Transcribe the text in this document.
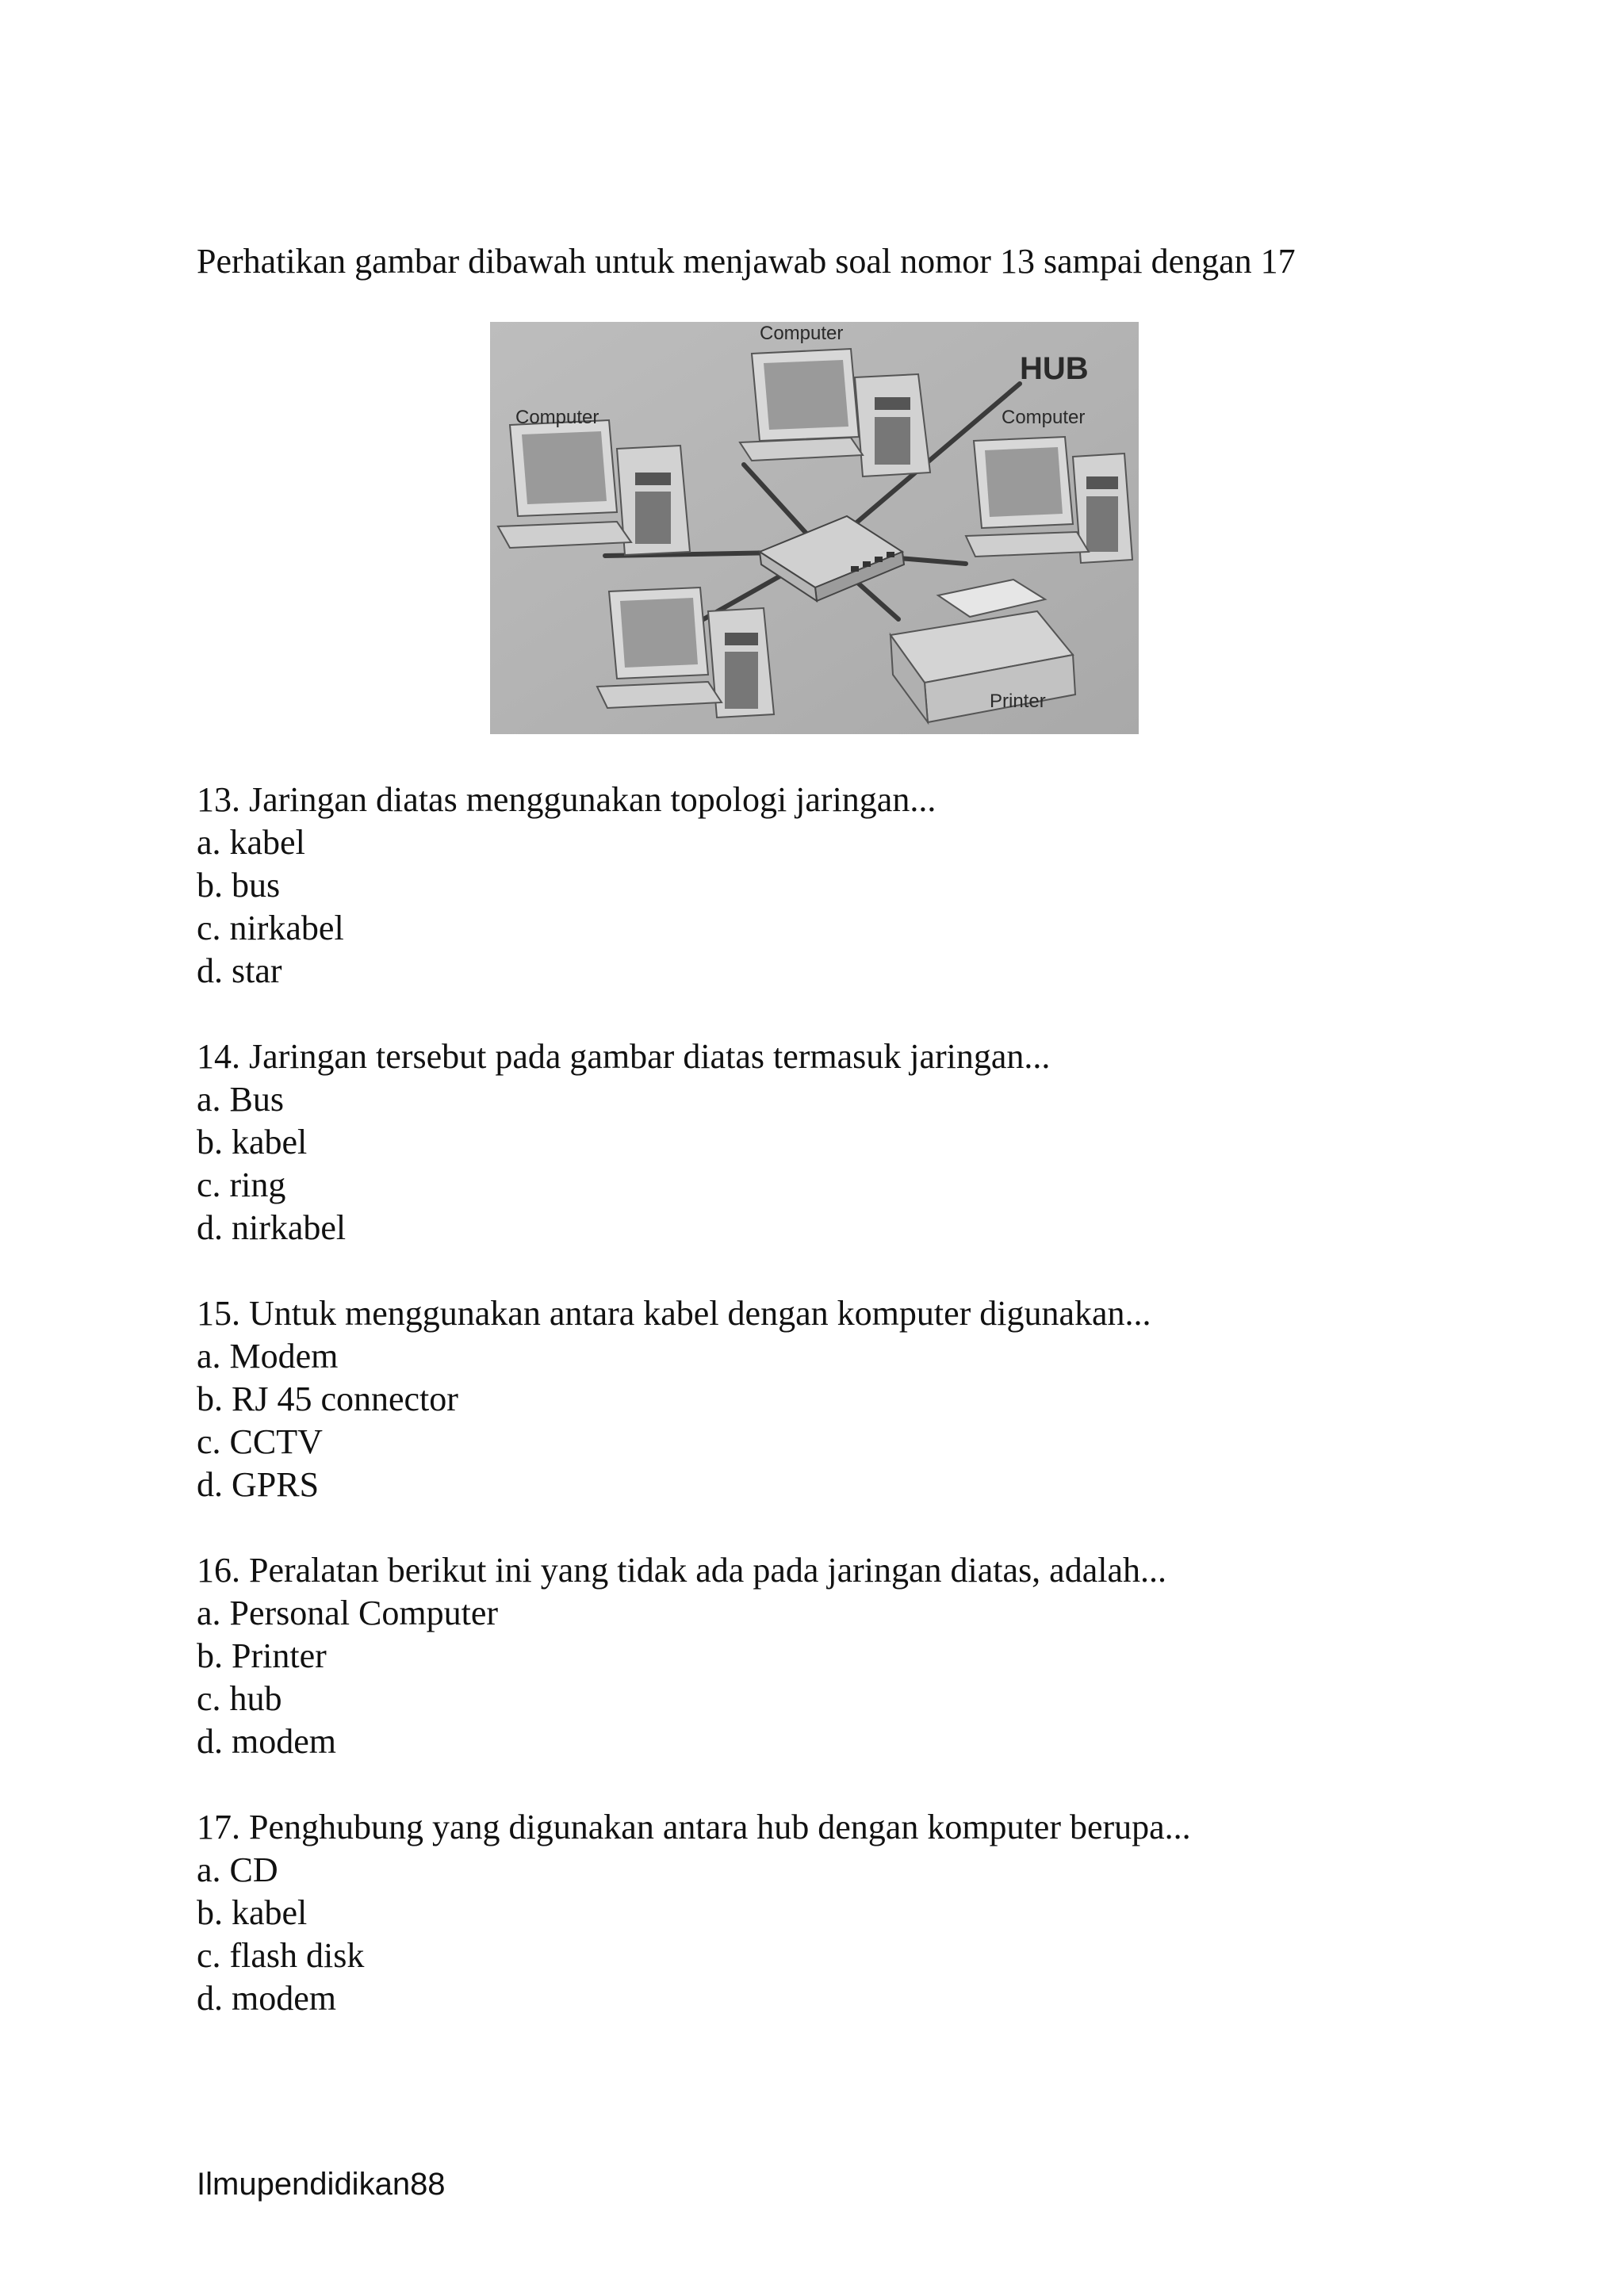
Perhatikan gambar dibawah untuk menjawab soal nomor 13 sampai dengan 17
Computer
Computer	Computer
HUB
Printer
13. Jaringan diatas menggunakan topologi jaringan...
a. kabel
b. bus
c. nirkabel
d. star
14. Jaringan tersebut pada gambar diatas termasuk jaringan...
a. Bus
b. kabel
c. ring
d. nirkabel
15. Untuk menggunakan antara kabel dengan komputer digunakan...
a. Modem
b. RJ 45 connector
c. CCTV
d. GPRS
16. Peralatan berikut ini yang tidak ada pada jaringan diatas, adalah...
a. Personal Computer
b. Printer
c. hub
d. modem
17. Penghubung yang digunakan antara hub dengan komputer berupa...
a. CD
b. kabel
c. flash disk
d. modem
Ilmupendidikan88
